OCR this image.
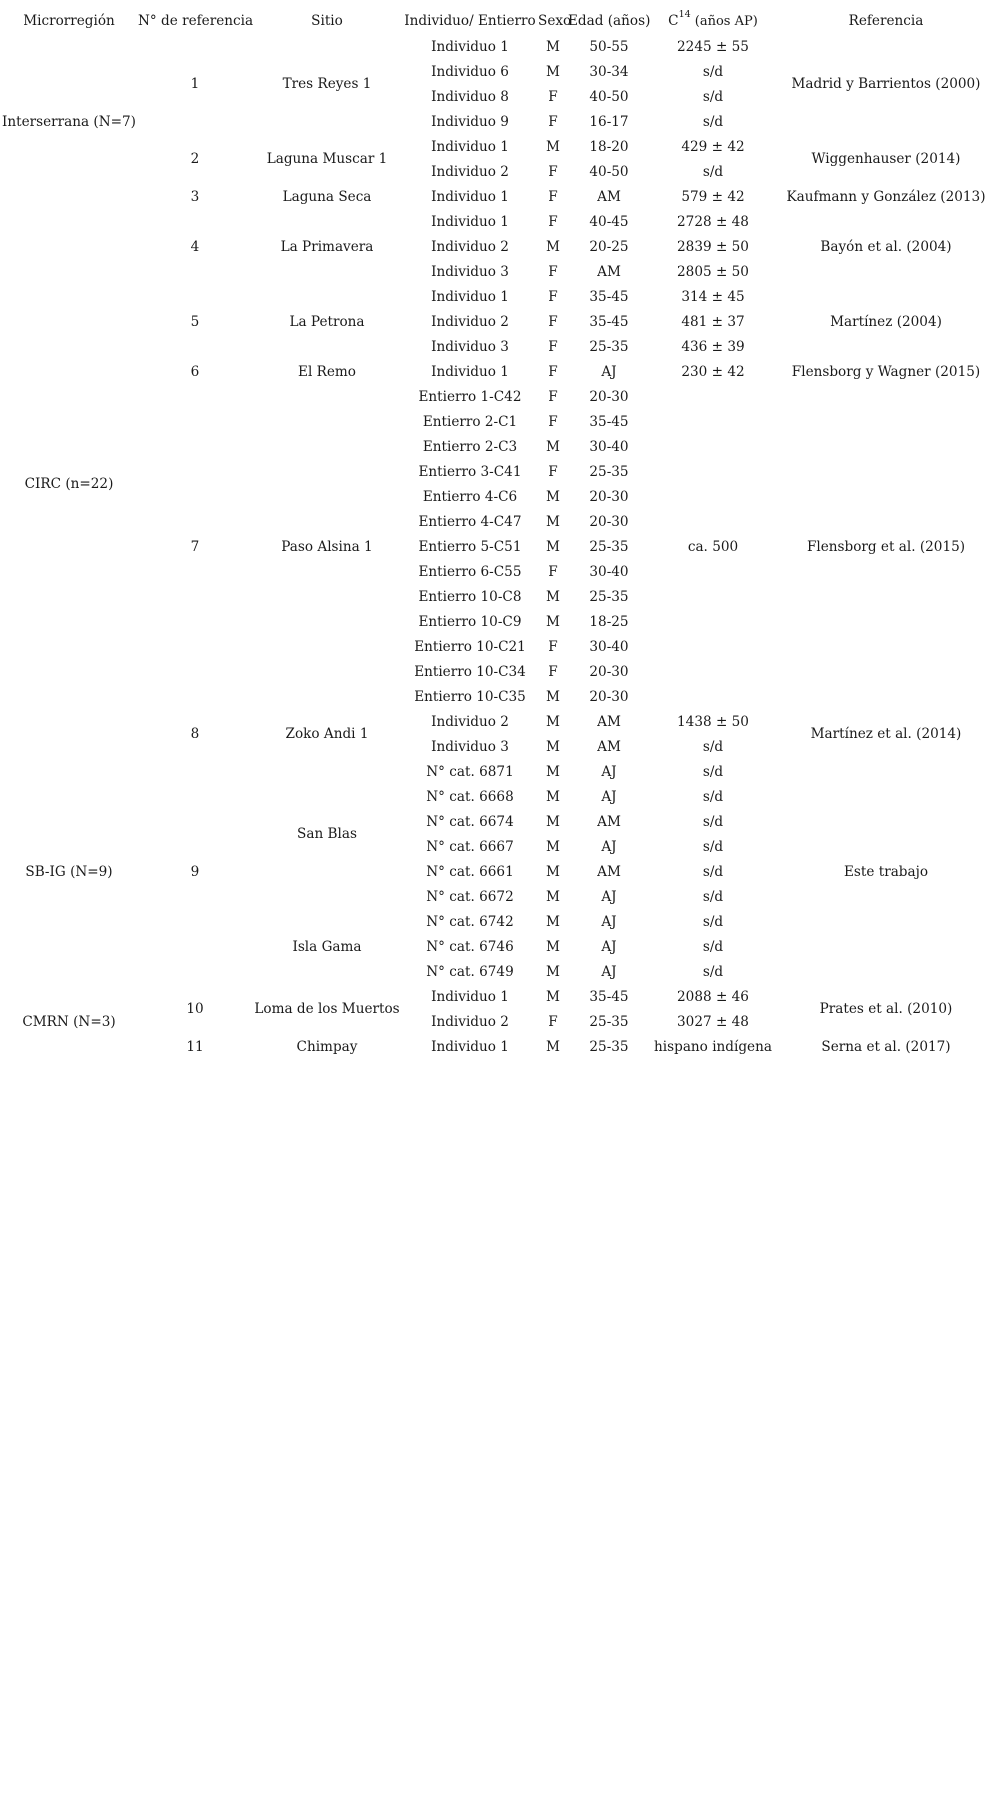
Microrregión	N° de referencia	Sitio	Individuo/ Entierro	Sexo	Edad (años)	$C^{14}$ (años AP)	Referencia
Interserrana (N=7)	1	Tres Reyes 1	Individuo 1	M	50-55	2245 ± 55	Madrid y Barrientos (2000)
			Individuo 6	M	30-34	s/d	
			Individuo 8	F	40-50	s/d	
			Individuo 9	F	16-17	s/d	
	2	Laguna Muscar 1	Individuo 1	M	18-20	429 ± 42	Wiggenhauser (2014)
			Individuo 2	F	40-50	s/d	
	3	Laguna Seca	Individuo 1	F	AM	579 ± 42	Kaufmann y González (2013)
CIRC (n=22)	4	La Primavera	Individuo 1	F	40-45	2728 ± 48	Bayón et al. (2004)
			Individuo 2	M	20-25	2839 ± 50	
			Individuo 3	F	AM	2805 ± 50	
	5	La Petrona	Individuo 1	F	35-45	314 ± 45	Martínez (2004)
			Individuo 2	F	35-45	481 ± 37	
			Individuo 3	F	25-35	436 ± 39	
	6	El Remo	Individuo 1	F	AJ	230 ± 42	Flensborg y Wagner (2015)
	7	Paso Alsina 1	Entierro 1-C42	F	20-30	ca. 500	Flensborg et al. (2015)
			Entierro 2-C1	F	35-45		
			Entierro 2-C3	M	30-40		
			Entierro 3-C41	F	25-35		
			Entierro 4-C6	M	20-30		
			Entierro 4-C47	M	20-30		
			Entierro 5-C51	M	25-35		
			Entierro 6-C55	F	30-40		
			Entierro 10-C8	M	25-35		
			Entierro 10-C9	M	18-25		
			Entierro 10-C21	F	30-40		
			Entierro 10-C34	F	20-30		
			Entierro 10-C35	M	20-30		
	8	Zoko Andi 1	Individuo 2	M	AM	1438 ± 50	Martínez et al. (2014)
			Individuo 3	M	AM	s/d	
SB-IG (N=9)	9	San Blas	N° cat. 6871	M	AJ	s/d	Este trabajo
			N° cat. 6668	M	AJ	s/d	
			N° cat. 6674	M	AM	s/d	
			N° cat. 6667	M	AJ	s/d	
			N° cat. 6661	M	AM	s/d	
			N° cat. 6672	M	AJ	s/d	
		Isla Gama	N° cat. 6742	M	AJ	s/d	
			N° cat. 6746	M	AJ	s/d	
			N° cat. 6749	M	AJ	s/d	
CMRN (N=3)	10	Loma de los Muertos	Individuo 1	M	35-45	2088 ± 46	Prates et al. (2010)
			Individuo 2	F	25-35	3027 ± 48	
	11	Chimpay	Individuo 1	M	25-35	hispano indígena	Serna et al. (2017)
